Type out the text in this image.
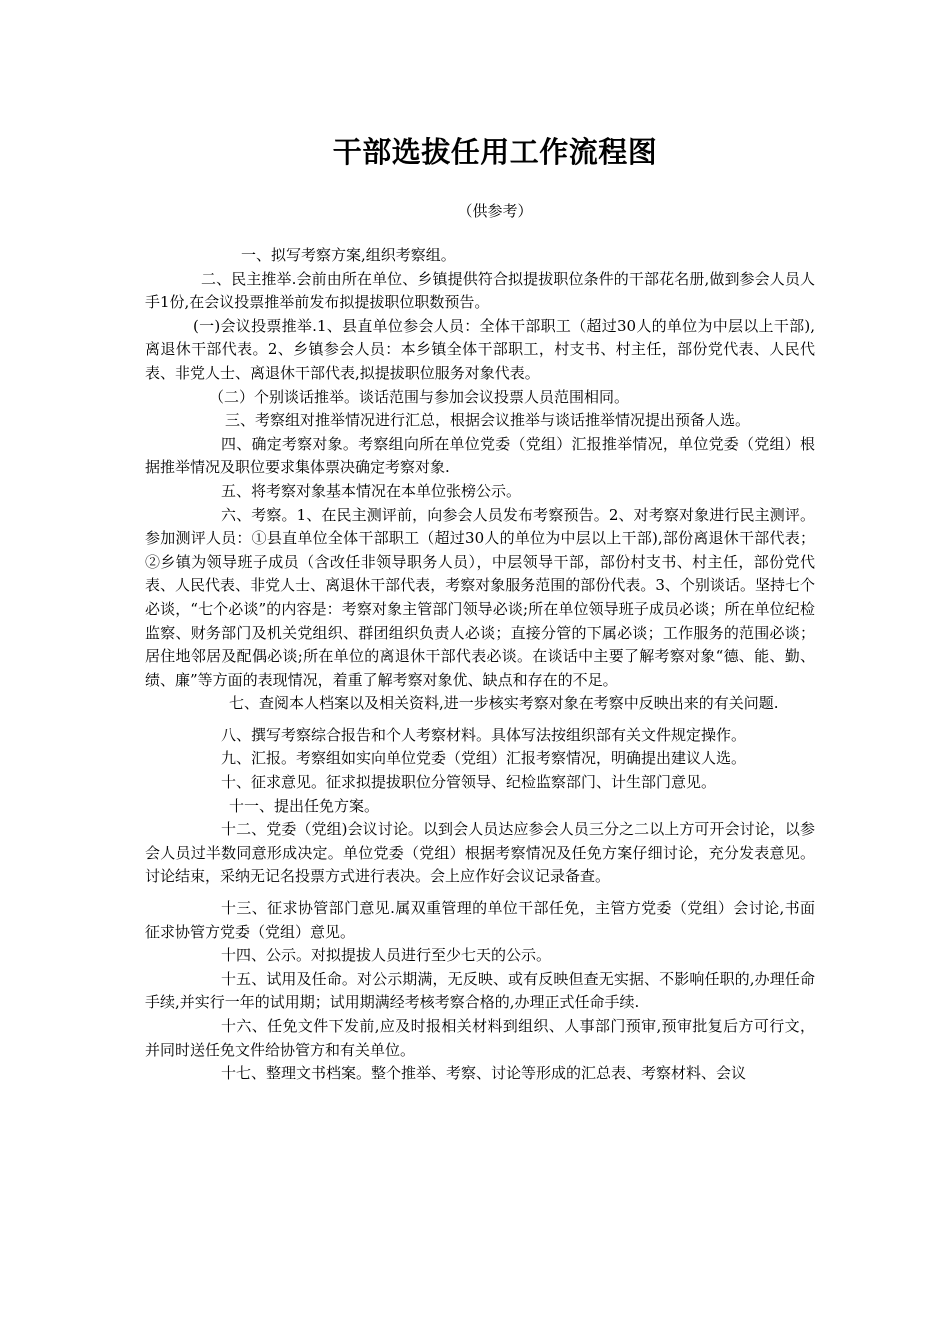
干部选拔任用工作流程图
（供参考）

一、拟写考察方案,组织考察组。

二、民主推举.会前由所在单位、乡镇提供符合拟提拔职位条件的干部花名册,做到参会人员人手1份,在会议投票推举前发布拟提拔职位职数预告。

(一)会议投票推举.1、县直单位参会人员：全体干部职工（超过30人的单位为中层以上干部),离退休干部代表。2、乡镇参会人员：本乡镇全体干部职工，村支书、村主任，部份党代表、人民代表、非党人士、离退休干部代表,拟提拔职位服务对象代表。

（二）个别谈话推举。谈话范围与参加会议投票人员范围相同。

三、考察组对推举情况进行汇总，根据会议推举与谈话推举情况提出预备人选。

四、确定考察对象。考察组向所在单位党委（党组）汇报推举情况，单位党委（党组）根据推举情况及职位要求集体票决确定考察对象.

五、将考察对象基本情况在本单位张榜公示。

六、考察。1、在民主测评前，向参会人员发布考察预告。2、对考察对象进行民主测评。参加测评人员：①县直单位全体干部职工（超过30人的单位为中层以上干部),部份离退休干部代表；②乡镇为领导班子成员（含改任非领导职务人员），中层领导干部，部份村支书、村主任，部份党代表、人民代表、非党人士、离退休干部代表，考察对象服务范围的部份代表。3、个别谈话。坚持七个必谈，“七个必谈”的内容是：考察对象主管部门领导必谈;所在单位领导班子成员必谈；所在单位纪检监察、财务部门及机关党组织、群团组织负责人必谈；直接分管的下属必谈；工作服务的范围必谈；居住地邻居及配偶必谈;所在单位的离退休干部代表必谈。在谈话中主要了解考察对象“德、能、勤、绩、廉”等方面的表现情况，着重了解考察对象优、缺点和存在的不足。

七、查阅本人档案以及相关资料,进一步核实考察对象在考察中反映出来的有关问题.

八、撰写考察综合报告和个人考察材料。具体写法按组织部有关文件规定操作。

九、汇报。考察组如实向单位党委（党组）汇报考察情况，明确提出建议人选。

十、征求意见。征求拟提拔职位分管领导、纪检监察部门、计生部门意见。

十一、提出任免方案。

十二、党委（党组)会议讨论。以到会人员达应参会人员三分之二以上方可开会讨论，以参会人员过半数同意形成决定。单位党委（党组）根据考察情况及任免方案仔细讨论，充分发表意见。讨论结束，采纳无记名投票方式进行表决。会上应作好会议记录备查。

十三、征求协管部门意见.属双重管理的单位干部任免，主管方党委（党组）会讨论,书面征求协管方党委（党组）意见。

十四、公示。对拟提拔人员进行至少七天的公示。

十五、试用及任命。对公示期满，无反映、或有反映但查无实据、不影响任职的,办理任命手续,并实行一年的试用期；试用期满经考核考察合格的,办理正式任命手续.

十六、任免文件下发前,应及时报相关材料到组织、人事部门预审,预审批复后方可行文，并同时送任免文件给协管方和有关单位。

十七、整理文书档案。整个推举、考察、讨论等形成的汇总表、考察材料、会议
